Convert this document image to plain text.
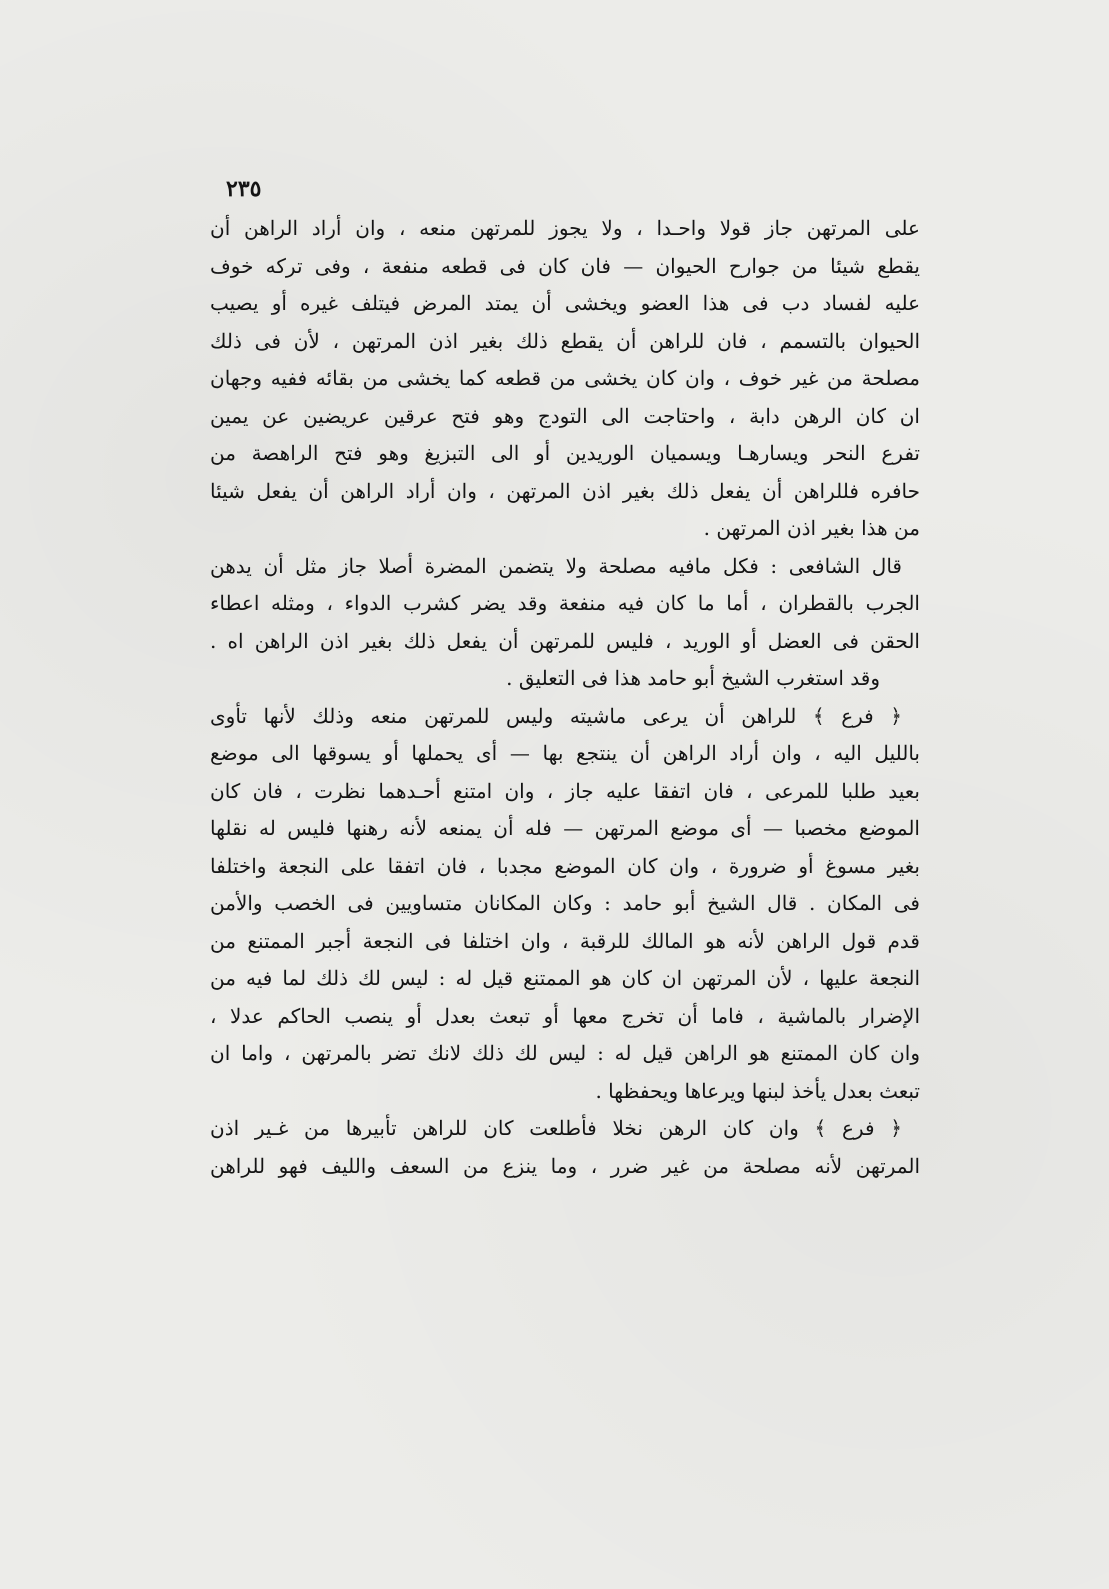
٢٣٥
على المرتهن جاز قولا واحـدا ، ولا يجوز للمرتهن منعه ، وان أراد الراهن أن
يقطع شيئا من جوارح الحيوان — فان كان فى قطعه منفعة ، وفى تركه خوف
عليه لفساد دب فى هذا العضو ويخشى أن يمتد المرض فيتلف غيره أو يصيب
الحيوان بالتسمم ، فان للراهن أن يقطع ذلك بغير اذن المرتهن ، لأن فى ذلك
مصلحة من غير خوف ، وان كان يخشى من قطعه كما يخشى من بقائه ففيه وجهان
ان كان الرهن دابة ، واحتاجت الى التودج وهو فتح عرقين عريضين عن يمين
تفرع النحر ويسارهـا ويسميان الوريدين أو الى التبزيغ وهو فتح الراهصة من
حافره فللراهن أن يفعل ذلك بغير اذن المرتهن ، وان أراد الراهن أن يفعل شيئا
من هذا بغير اذن المرتهن .
قال الشافعى : فكل مافيه مصلحة ولا يتضمن المضرة أصلا جاز مثل أن يدهن
الجرب بالقطران ، أما ما كان فيه منفعة وقد يضر كشرب الدواء ، ومثله اعطاء
الحقن فى العضل أو الوريد ، فليس للمرتهن أن يفعل ذلك بغير اذن الراهن اه .
وقد استغرب الشيخ أبو حامد هذا فى التعليق .
﴿ فرع ﴾ للراهن أن يرعى ماشيته وليس للمرتهن منعه وذلك لأنها تأوى
بالليل اليه ، وان أراد الراهن أن ينتجع بها — أى يحملها أو يسوقها الى موضع
بعيد طلبا للمرعى ، فان اتفقا عليه جاز ، وان امتنع أحـدهما نظرت ، فان كان
الموضع مخصبا — أى موضع المرتهن — فله أن يمنعه لأنه رهنها فليس له نقلها
بغير مسوغ أو ضرورة ، وان كان الموضع مجدبا ، فان اتفقا على النجعة واختلفا
فى المكان . قال الشيخ أبو حامد : وكان المكانان متساويين فى الخصب والأمن
قدم قول الراهن لأنه هو المالك للرقبة ، وان اختلفا فى النجعة أجبر الممتنع من
النجعة عليها ، لأن المرتهن ان كان هو الممتنع قيل له : ليس لك ذلك لما فيه من
الإضرار بالماشية ، فاما أن تخرج معها أو تبعث بعدل أو ينصب الحاكم عدلا ،
وان كان الممتنع هو الراهن قيل له : ليس لك ذلك لانك تضر بالمرتهن ، واما ان
تبعث بعدل يأخذ لبنها ويرعاها ويحفظها .
﴿ فرع ﴾ وان كان الرهن نخلا فأطلعت كان للراهن تأبيرها من غـير اذن
المرتهن لأنه مصلحة من غير ضرر ، وما ينزع من السعف والليف فهو للراهن
